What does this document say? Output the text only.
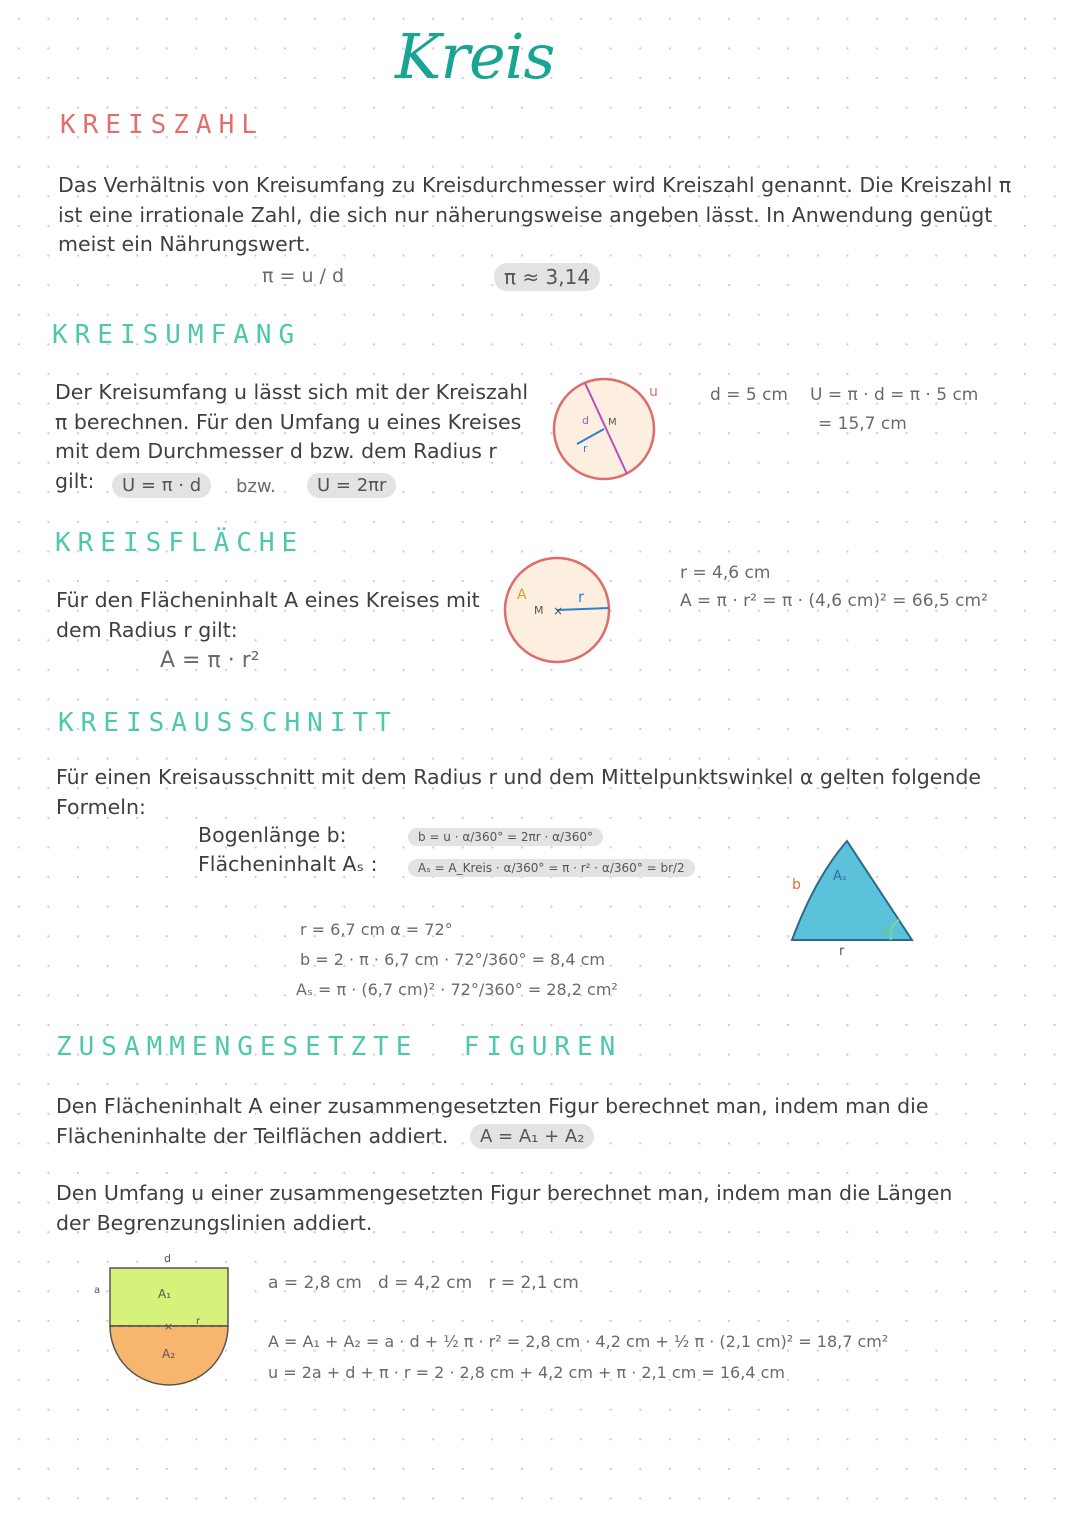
Kreis
KREISZAHL
Das Verhältnis von Kreisumfang zu Kreisdurchmesser wird Kreiszahl genannt. Die Kreiszahl π ist eine irrationale Zahl, die sich nur näherungsweise angeben lässt. In Anwendung genügt meist ein Nährungswert.
π = u / d	π ≈ 3,14
KREISUMFANG
Der Kreisumfang u lässt sich mit der Kreiszahl π berechnen. Für den Umfang u eines Kreises mit dem Durchmesser d bzw. dem Radius r gilt:	U = π · d	bzw.	U = 2πr
d M
r
u	d = 5 cm U = π · d = π · 5 cm
= 15,7 cm
KREISFLÄCHE
Für den Flächeninhalt A eines Kreises mit dem Radius r gilt:
A = π · r²
×
A
M
r
r = 4,6 cm
A = π · r² = π · (4,6 cm)² = 66,5 cm²
KREISAUSSCHNITT
Für einen Kreisausschnitt mit dem Radius r und dem Mittelpunktswinkel α gelten folgende Formeln:
Bogenlänge b:
Flächeninhalt Aₛ :
b = u · α/360° = 2πr · α/360°
Aₛ = A_Kreis · α/360° = π · r² · α/360° = br/2
r = 6,7 cm α = 72°
b = 2 · π · 6,7 cm · 72°/360° = 8,4 cm
Aₛ = π · (6,7 cm)² · 72°/360° = 28,2 cm²
b
Aₛ
r
α
ZUSAMMENGESETZTE  FIGUREN
Den Flächeninhalt A einer zusammengesetzten Figur berechnet man, indem man die Flächeninhalte der Teilflächen addiert.	A = A₁ + A₂
Den Umfang u einer zusammengesetzten Figur berechnet man, indem man die Längen der Begrenzungslinien addiert.
×
d
a	A₁
A₂
r
a = 2,8 cm   d = 4,2 cm   r = 2,1 cm
A = A₁ + A₂ = a · d + ½ π · r² = 2,8 cm · 4,2 cm + ½ π · (2,1 cm)² = 18,7 cm²
u = 2a + d + π · r = 2 · 2,8 cm + 4,2 cm + π · 2,1 cm = 16,4 cm
